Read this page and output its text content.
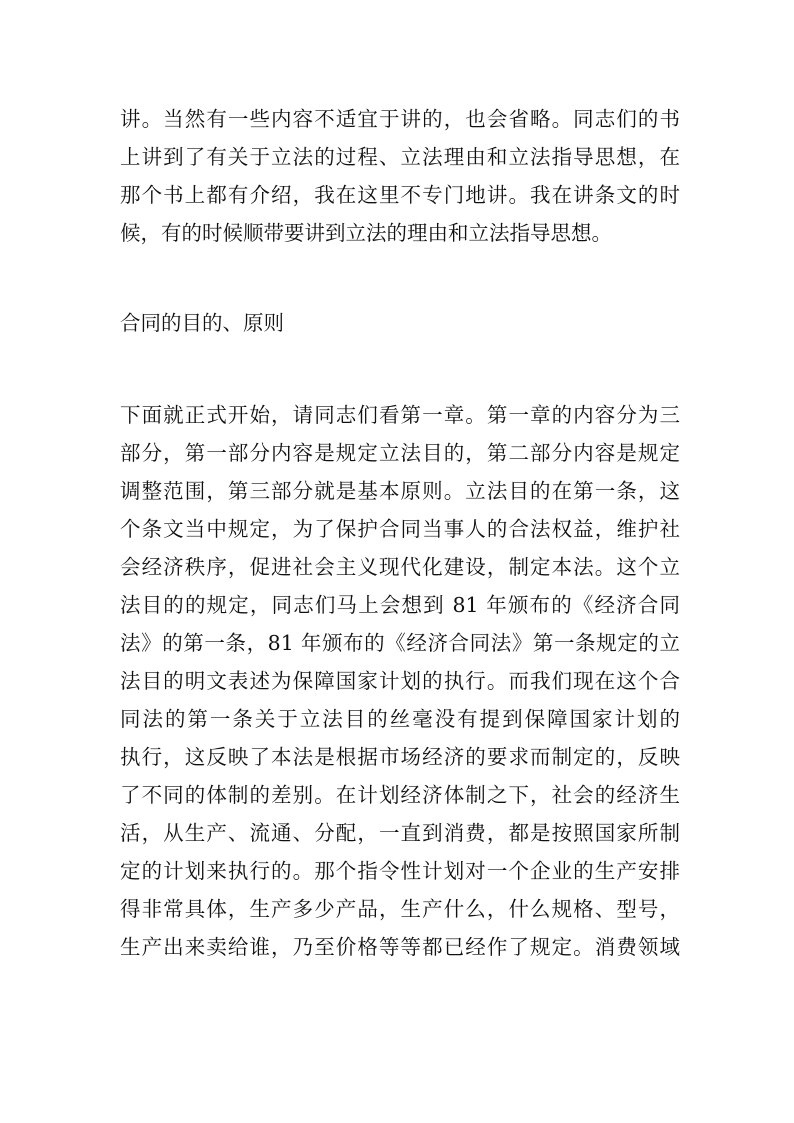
讲。当然有一些内容不适宜于讲的，也会省略。同志们的书
上讲到了有关于立法的过程、立法理由和立法指导思想，在
那个书上都有介绍，我在这里不专门地讲。我在讲条文的时
候，有的时候顺带要讲到立法的理由和立法指导思想。
合同的目的、原则
下面就正式开始，请同志们看第一章。第一章的内容分为三
部分，第一部分内容是规定立法目的，第二部分内容是规定
调整范围，第三部分就是基本原则。立法目的在第一条，这
个条文当中规定，为了保护合同当事人的合法权益，维护社
会经济秩序，促进社会主义现代化建设，制定本法。这个立
法目的的规定，同志们马上会想到 81 年颁布的《经济合同
法》的第一条，81 年颁布的《经济合同法》第一条规定的立
法目的明文表述为保障国家计划的执行。而我们现在这个合
同法的第一条关于立法目的丝毫没有提到保障国家计划的
执行，这反映了本法是根据市场经济的要求而制定的，反映
了不同的体制的差别。在计划经济体制之下，社会的经济生
活，从生产、流通、分配，一直到消费，都是按照国家所制
定的计划来执行的。那个指令性计划对一个企业的生产安排
得非常具体，生产多少产品，生产什么，什么规格、型号，
生产出来卖给谁，乃至价格等等都已经作了规定。消费领域
